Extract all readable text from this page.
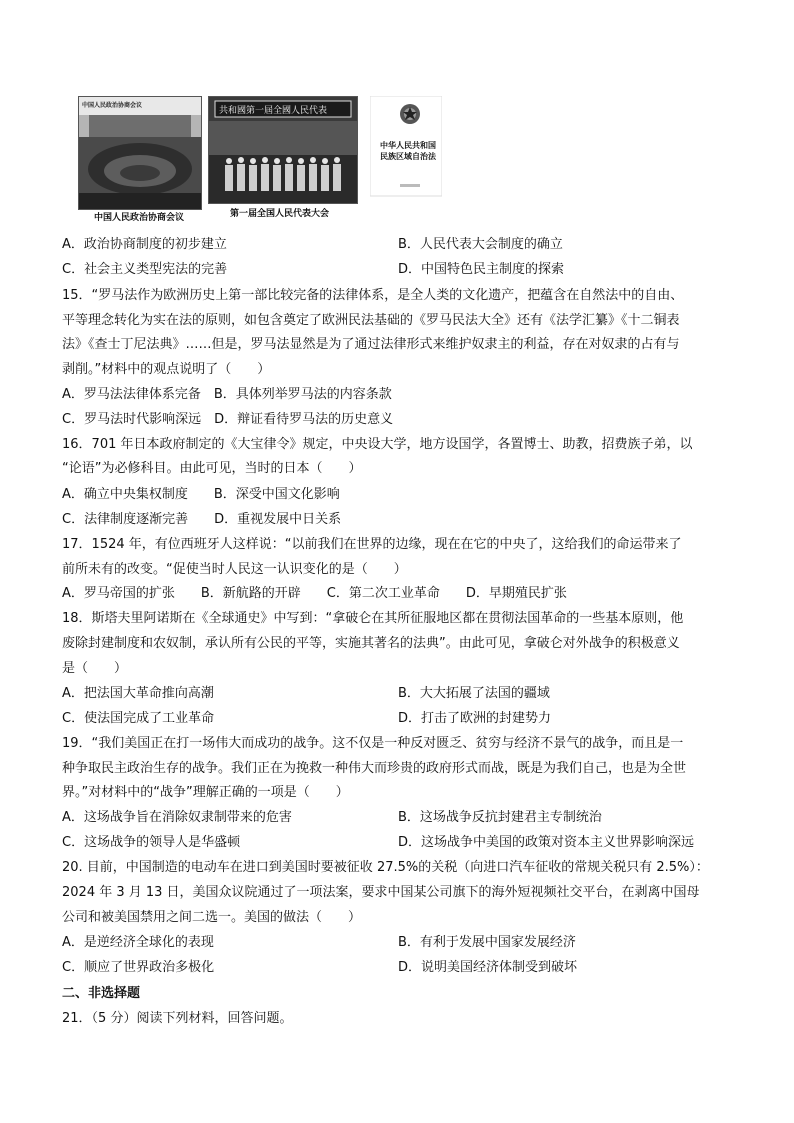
中国人民政治协商会议
中国人民政治协商会议
共和國第一屆全國人民代表
第一届全国人民代表大会
中华人民共和国
民族区域自治法
A．政治协商制度的初步建立	B．人民代表大会制度的确立
C．社会主义类型宪法的完善	D．中国特色民主制度的探索
15．“罗马法作为欧洲历史上第一部比较完备的法律体系，是全人类的文化遗产，把蕴含在自然法中的自由、
平等理念转化为实在法的原则，如包含奠定了欧洲民法基础的《罗马民法大全》还有《法学汇纂》《十二铜表
法》《查士丁尼法典》……但是，罗马法显然是为了通过法律形式来维护奴隶主的利益，存在对奴隶的占有与
剥削。”材料中的观点说明了（　　）
A．罗马法法律体系完备　B．具体列举罗马法的内容条款
C．罗马法时代影响深远　D．辩证看待罗马法的历史意义
16．701 年日本政府制定的《大宝律令》规定，中央设大学，地方设国学，各置博士、助教，招费族子弟，以
“论语”为必修科目。由此可见，当时的日本（　　）
A．确立中央集权制度　　B．深受中国文化影响
C．法律制度逐渐完善　　D．重视发展中日关系
17．1524 年，有位西班牙人这样说：“以前我们在世界的边缘，现在在它的中央了，这给我们的命运带来了
前所未有的改变。“促使当时人民这一认识变化的是（　　）
A．罗马帝国的扩张　　B．新航路的开辟　　C．第二次工业革命　　D．早期殖民扩张
18．斯塔夫里阿诺斯在《全球通史》中写到：“拿破仑在其所征服地区都在贯彻法国革命的一些基本原则，他
废除封建制度和农奴制，承认所有公民的平等，实施其著名的法典”。由此可见，拿破仑对外战争的积极意义
是（　　）
A．把法国大革命推向高潮	B．大大拓展了法国的疆域
C．使法国完成了工业革命	D．打击了欧洲的封建势力
19．“我们美国正在打一场伟大而成功的战争。这不仅是一种反对匮乏、贫穷与经济不景气的战争，而且是一
种争取民主政治生存的战争。我们正在为挽救一种伟大而珍贵的政府形式而战，既是为我们自己，也是为全世
界。”对材料中的“战争”理解正确的一项是（　　）
A．这场战争旨在消除奴隶制带来的危害	B．这场战争反抗封建君主专制统治
C．这场战争的领导人是华盛顿	D．这场战争中美国的政策对资本主义世界影响深远
20. 目前，中国制造的电动车在进口到美国时要被征收 27.5%的关税（向进口汽车征收的常规关税只有 2.5%）：
2024 年 3 月 13 日，美国众议院通过了一项法案，要求中国某公司旗下的海外短视频社交平台，在剥离中国母
公司和被美国禁用之间二选一。美国的做法（　　）
A．是逆经济全球化的表现	B．有利于发展中国家发展经济
C．顺应了世界政治多极化	D．说明美国经济体制受到破坏
二、非选择题
21．（5 分）阅读下列材料，回答问题。
